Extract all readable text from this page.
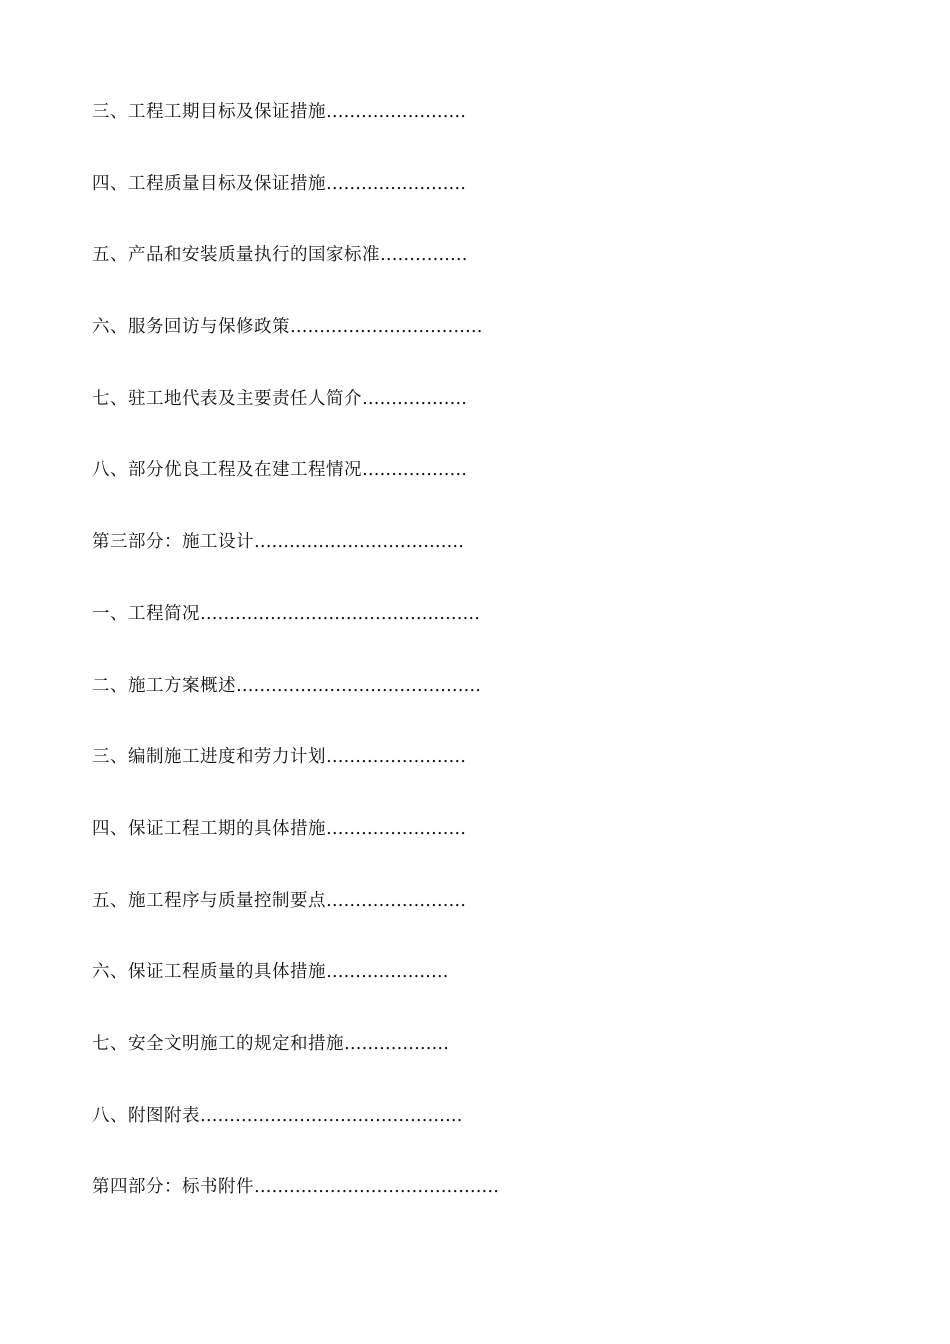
三、工程工期目标及保证措施……………………
四、工程质量目标及保证措施……………………
五、产品和安装质量执行的国家标准……………
六、服务回访与保修政策……………………………
七、驻工地代表及主要责任人简介………………
八、部分优良工程及在建工程情况………………
第三部分：施工设计………………………………
一、工程简况…………………………………………
二、施工方案概述……………………………………
三、编制施工进度和劳力计划……………………
四、保证工程工期的具体措施……………………
五、施工程序与质量控制要点……………………
六、保证工程质量的具体措施…………………
七、安全文明施工的规定和措施………………
八、附图附表………………………………………
第四部分：标书附件……………………………………
